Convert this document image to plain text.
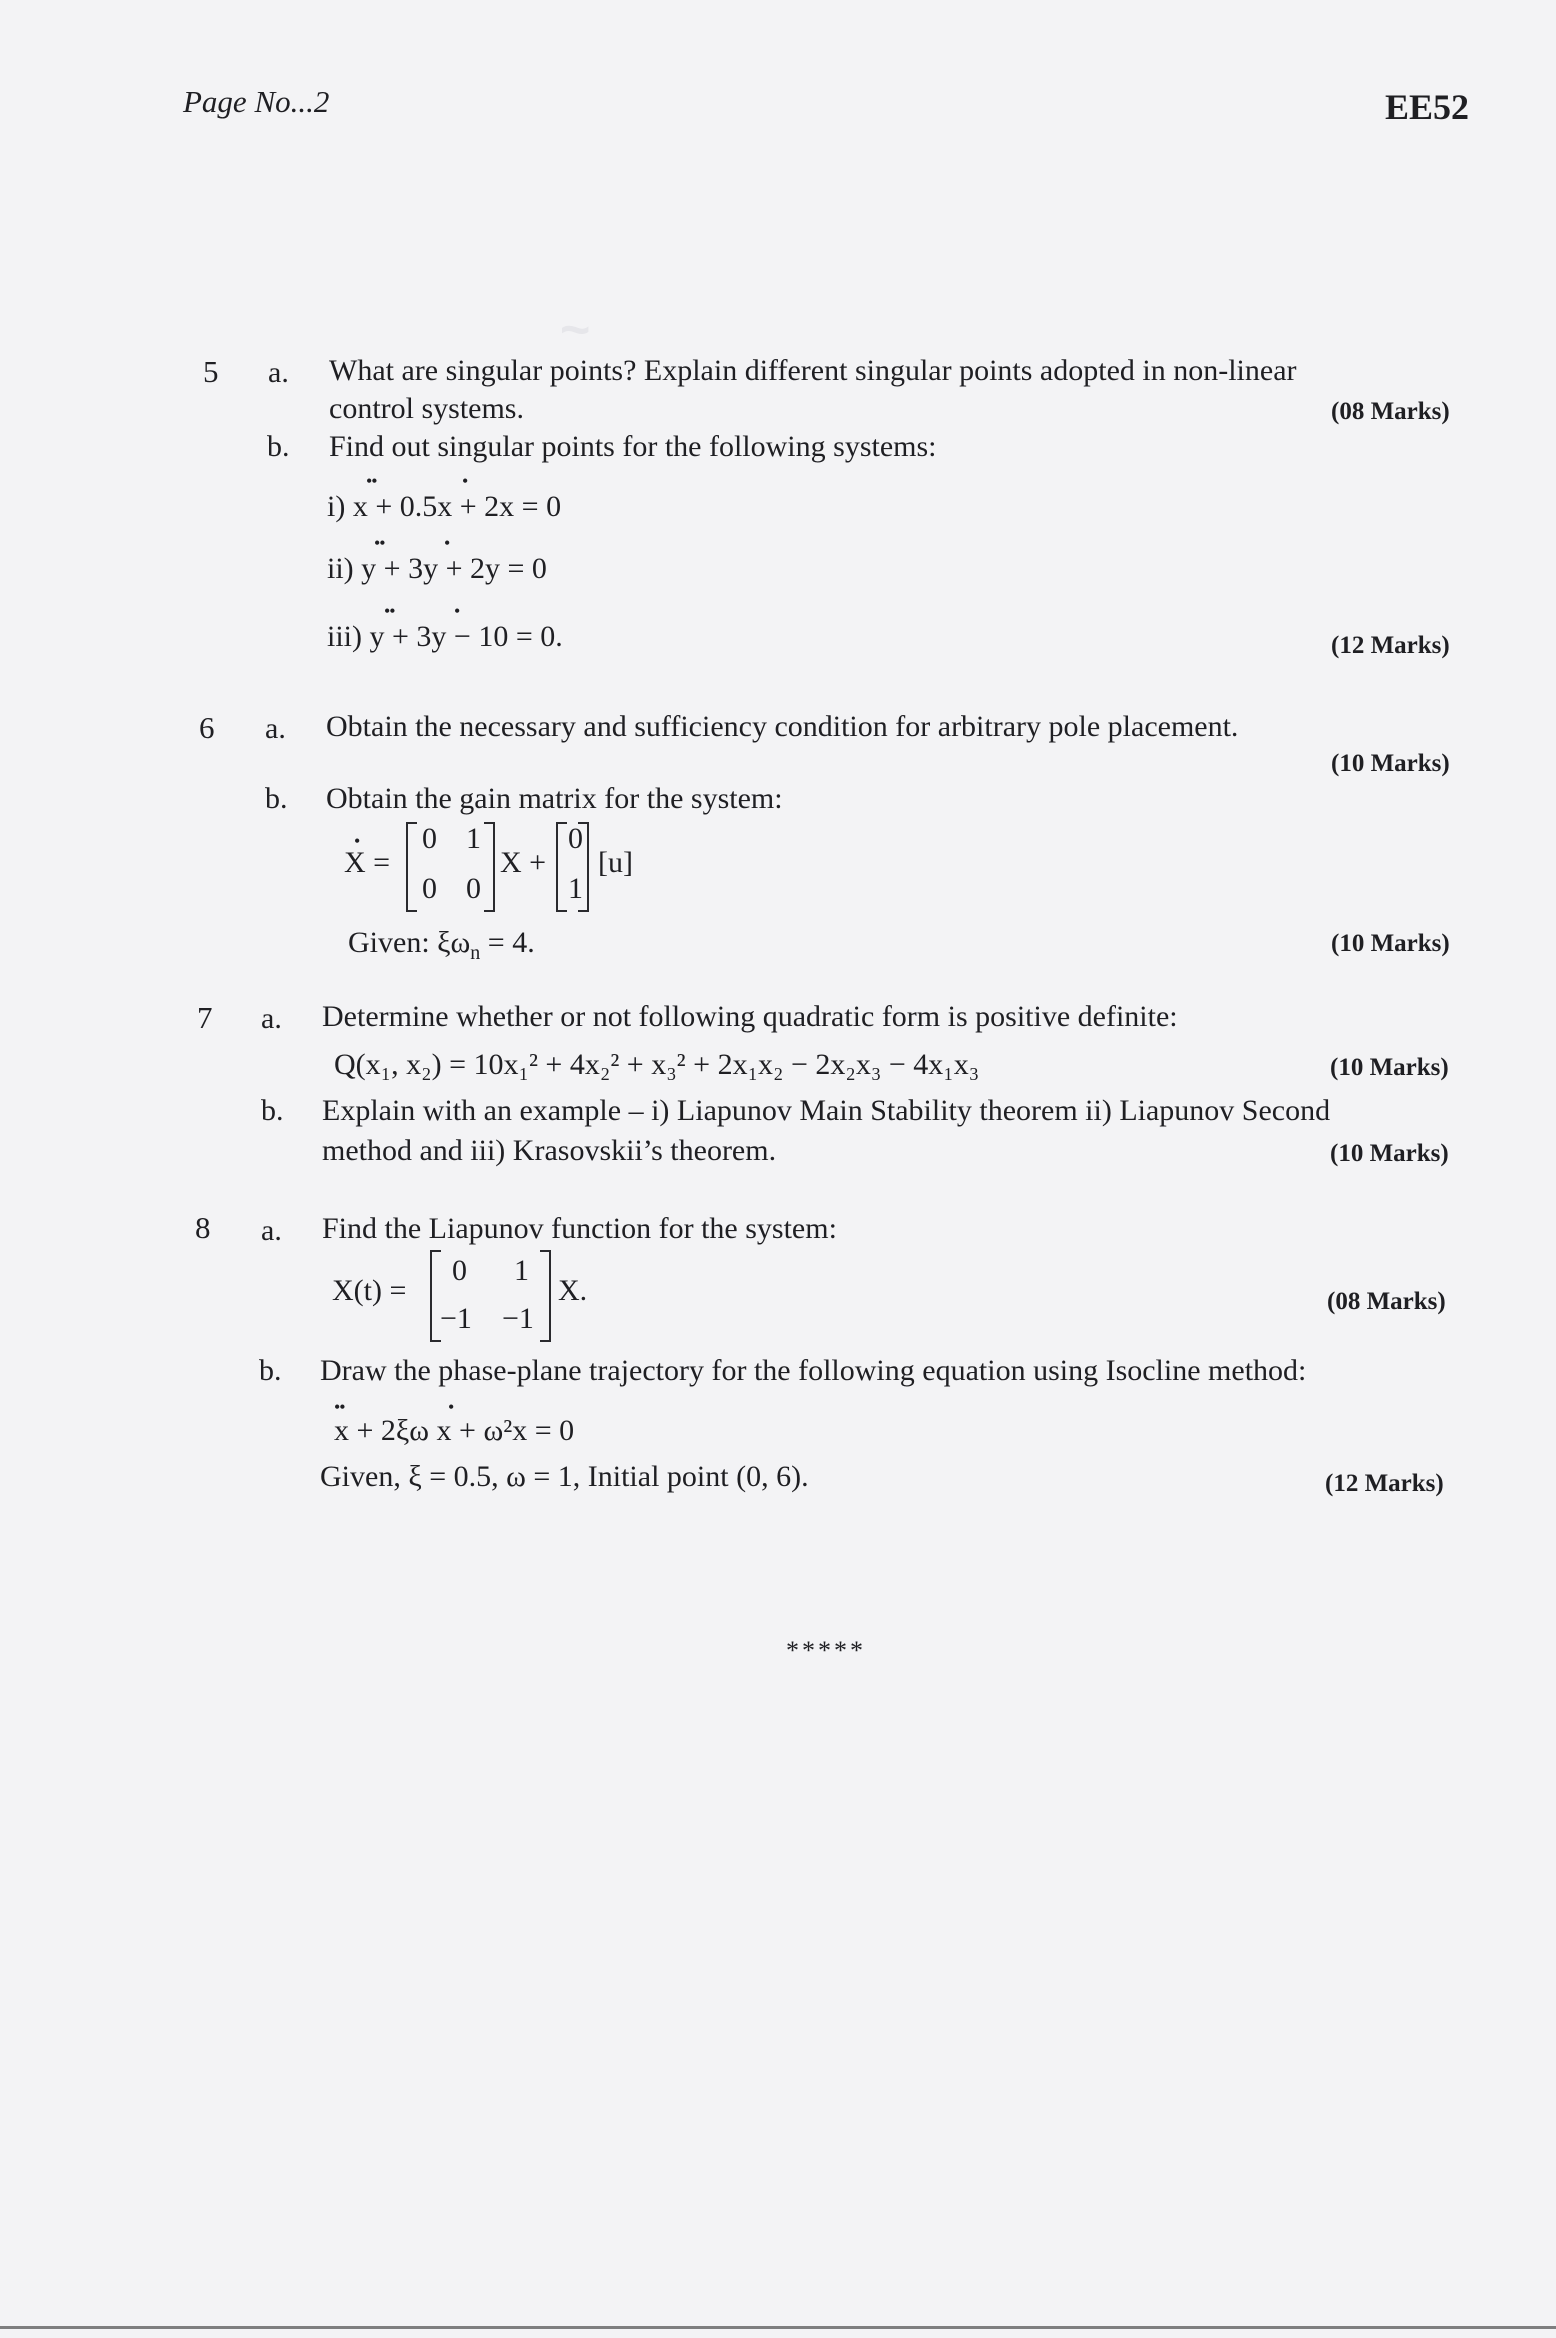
~
Page No...2	EE52
5 a. What are singular points? Explain different singular points adopted in non-linear
control systems.	(08 Marks)
b. Find out singular points for the following systems:
••	•
i) x + 0.5x + 2x = 0
••	•
ii) y + 3y + 2y = 0
••	•
iii) y + 3y − 10 = 0.	(12 Marks)
6 a. Obtain the necessary and sufficiency condition for arbitrary pole placement.
(10 Marks)
b. Obtain the gain matrix for the system:
•
X =
0 1
0 0
X +
0
1
[u]
Given: $\xi\omega_n = 4$.	(10 Marks)
7 a. Determine whether or not following quadratic form is positive definite:
Q(x₁, x₂) = 10x₁² + 4x₂² + x₃² + 2x₁x₂ − 2x₂x₃ − 4x₁x₃	(10 Marks)
b. Explain with an example – i) Liapunov Main Stability theorem ii) Liapunov Second
method and iii) Krasovskii’s theorem.	(10 Marks)
8 a. Find the Liapunov function for the system:
X(t) =
0 1
−1 −1
X.	(08 Marks)
b. Draw the phase-plane trajectory for the following equation using Isocline method:
••	•
x + 2ξω x + ω²x = 0
Given, ξ = 0.5, ω = 1, Initial point (0, 6).	(12 Marks)
*****
